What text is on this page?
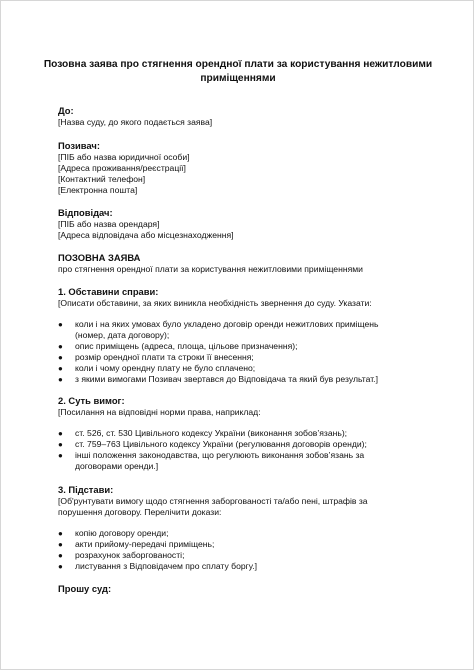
Позовна заява про стягнення орендної плати за користування нежитловими приміщеннями
До:
[Назва суду, до якого подається заява]
Позивач:
[ПІБ або назва юридичної особи]
[Адреса проживання/реєстрації]
[Контактний телефон]
[Електронна пошта]
Відповідач:
[ПІБ або назва орендаря]
[Адреса відповідача або місцезнаходження]
ПОЗОВНА ЗАЯВА
про стягнення орендної плати за користування нежитловими приміщеннями
1. Обставини справи:
[Описати обставини, за яких виникла необхідність звернення до суду. Указати:
● коли і на яких умовах було укладено договір оренди нежитлових приміщень (номер, дата договору);
● опис приміщень (адреса, площа, цільове призначення);
● розмір орендної плати та строки її внесення;
● коли і чому орендну плату не було сплачено;
● з якими вимогами Позивач звертався до Відповідача та який був результат.]
2. Суть вимог:
[Посилання на відповідні норми права, наприклад:
● ст. 526, ст. 530 Цивільного кодексу України (виконання зобов’язань);
● ст. 759–763 Цивільного кодексу України (регулювання договорів оренди);
● інші положення законодавства, що регулюють виконання зобов’язань за договорами оренди.]
3. Підстави:
[Об'рунтувати вимогу щодо стягнення заборгованості та/або пені, штрафів за
порушення договору. Перелічити докази:
● копію договору оренди;
● акти прийому-передачі приміщень;
● розрахунок заборгованості;
● листування з Відповідачем про сплату боргу.]
Прошу суд:
